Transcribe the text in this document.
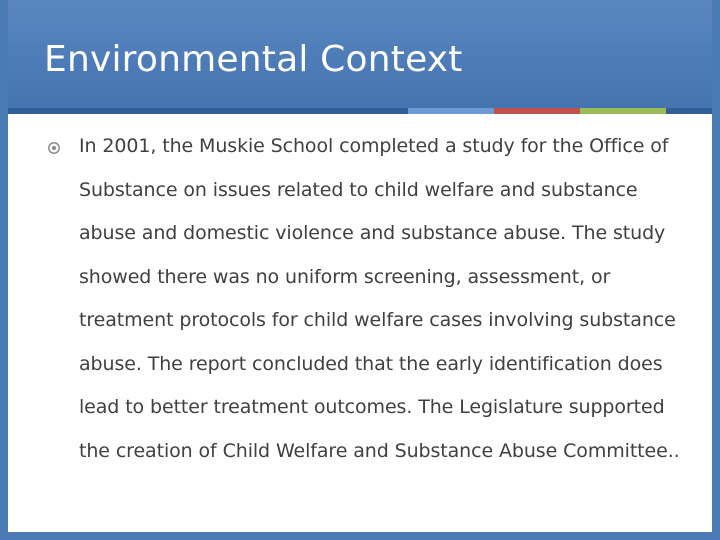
Environmental Context

In 2001, the Muskie School completed a study for the Office of Substance on issues related to child welfare and substance abuse and domestic violence and substance abuse. The study showed there was no uniform screening, assessment, or treatment protocols for child welfare cases involving substance abuse. The report concluded that the early identification does lead to better treatment outcomes. The Legislature supported the creation of Child Welfare and Substance Abuse Committee..
